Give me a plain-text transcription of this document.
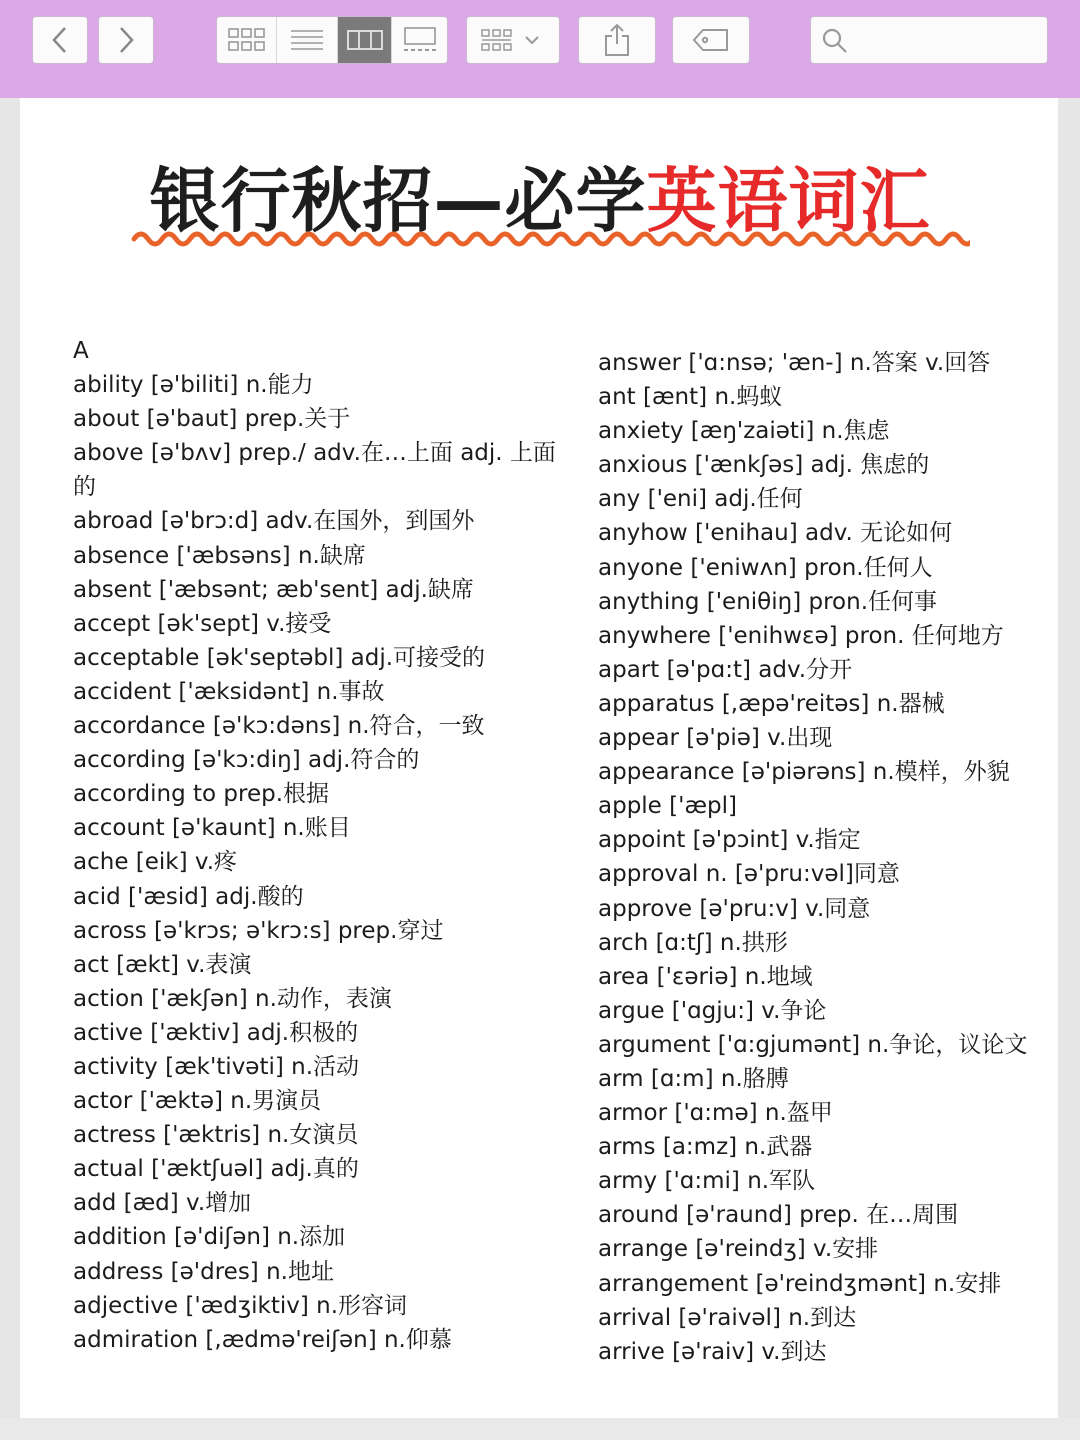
银行秋招—必学英语词汇
A
ability [ə'biliti] n.能力
about [ə'baut] prep.关于
above [ə'bʌv] prep./ adv.在…上面 adj. 上面的
abroad [ə'brɔ:d] adv.在国外，到国外
absence ['æbsəns] n.缺席
absent ['æbsənt; æb'sent] adj.缺席
accept [ək'sept] v.接受
acceptable [ək'septəbl] adj.可接受的
accident ['æksidənt] n.事故
accordance [ə'kɔ:dəns] n.符合，一致
according [ə'kɔ:diŋ] adj.符合的
according to prep.根据
account [ə'kaunt] n.账目
ache [eik] v.疼
acid ['æsid] adj.酸的
across [ə'krɔs; ə'krɔ:s] prep.穿过
act [ækt] v.表演
action ['ækʃən] n.动作，表演
active ['æktiv] adj.积极的
activity [æk'tivəti] n.活动
actor ['æktə] n.男演员
actress ['æktris] n.女演员
actual ['æktʃuəl] adj.真的
add [æd] v.增加
addition [ə'diʃən] n.添加
address [ə'dres] n.地址
adjective ['ædʒiktiv] n.形容词
admiration [,ædmə'reiʃən] n.仰慕
answer ['ɑ:nsə; 'æn-] n.答案 v.回答
ant [ænt] n.蚂蚁
anxiety [æŋ'zaiəti] n.焦虑
anxious ['ænkʃəs] adj. 焦虑的
any ['eni] adj.任何
anyhow ['enihau] adv. 无论如何
anyone ['eniwʌn] pron.任何人
anything ['eniθiŋ] pron.任何事
anywhere ['enihwεə] pron. 任何地方
apart [ə'pɑ:t] adv.分开
apparatus [,æpə'reitəs] n.器械
appear [ə'piə] v.出现
appearance [ə'piərəns] n.模样，外貌
apple ['æpl]
appoint [ə'pɔint] v.指定
approval n. [ə'pru:vəl]同意
approve [ə'pru:v] v.同意
arch [ɑ:tʃ] n.拱形
area ['εəriə] n.地域
argue ['ɑgju:] v.争论
argument ['ɑ:gjumənt] n.争论，议论文
arm [ɑ:m] n.胳膊
armor ['ɑ:mə] n.盔甲
arms [a:mz] n.武器
army ['ɑ:mi] n.军队
around [ə'raund] prep. 在…周围
arrange [ə'reindʒ] v.安排
arrangement [ə'reindʒmənt] n.安排
arrival [ə'raivəl] n.到达
arrive [ə'raiv] v.到达
